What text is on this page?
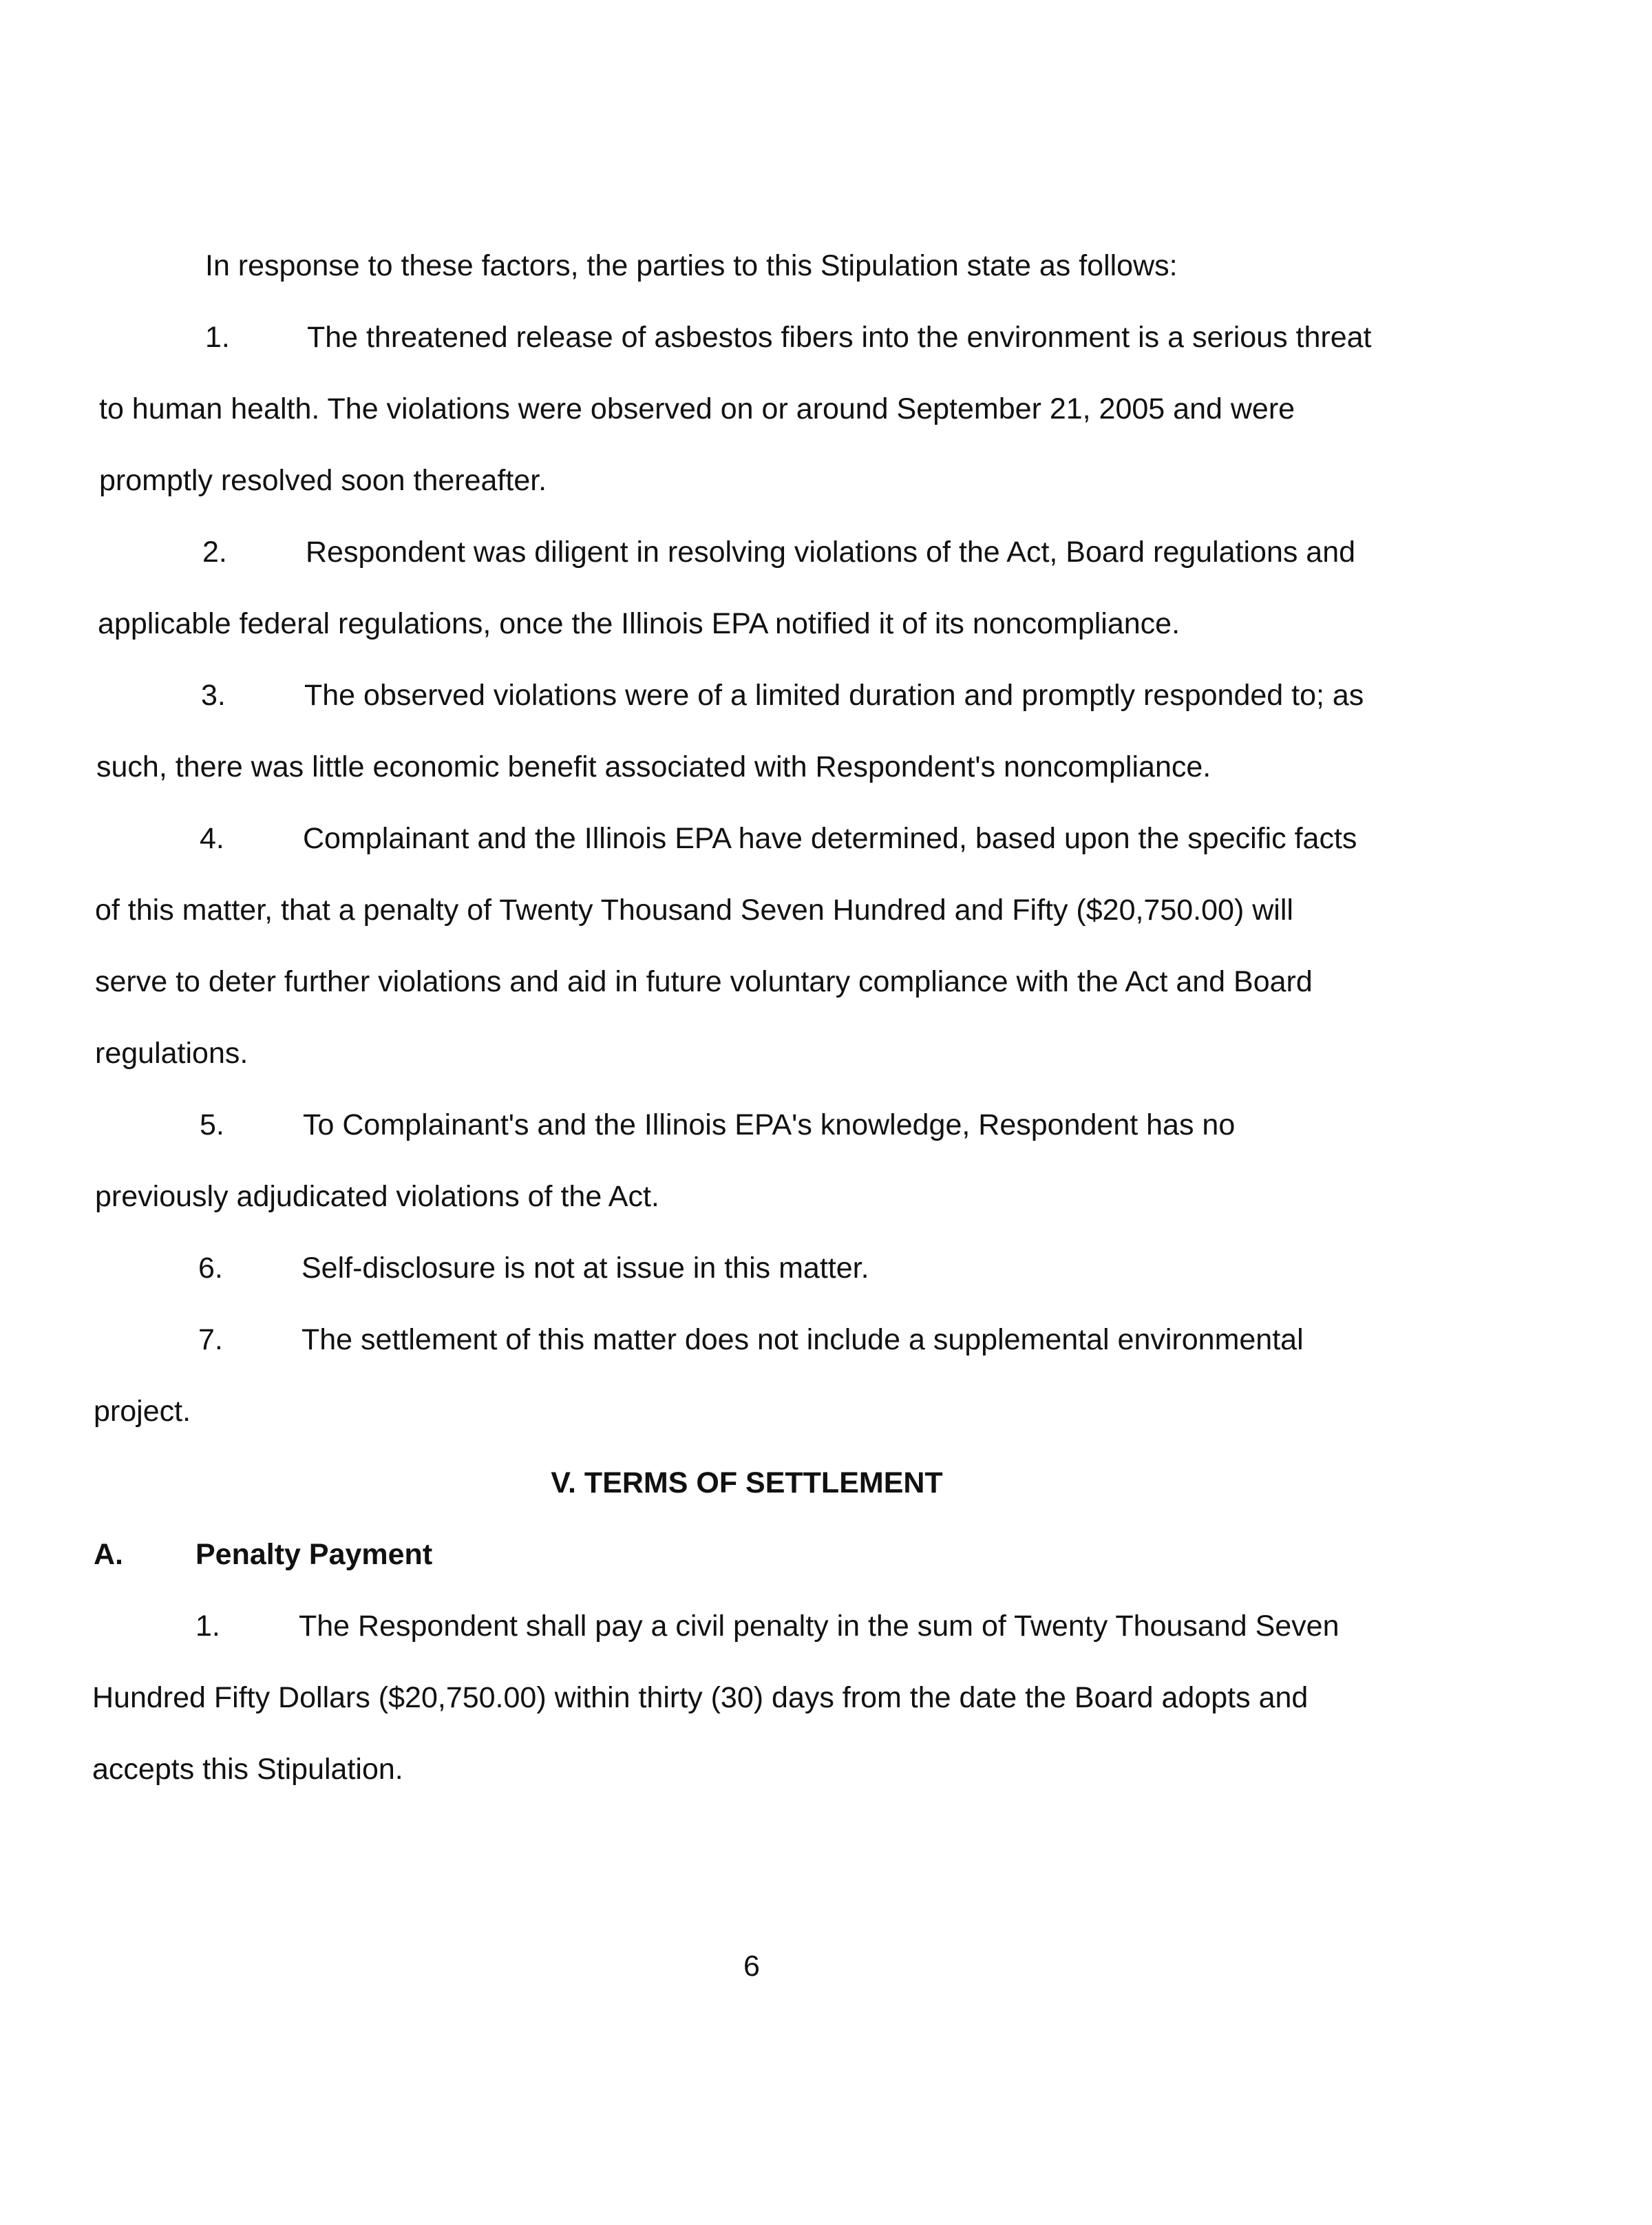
In response to these factors, the parties to this Stipulation state as follows:

1.	The threatened release of asbestos fibers into the environment is a serious threat

to human health. The violations were observed on or around September 21, 2005 and were

promptly resolved soon thereafter.

2.	Respondent was diligent in resolving violations of the Act, Board regulations and

applicable federal regulations, once the Illinois EPA notified it of its noncompliance.

3.	The observed violations were of a limited duration and promptly responded to; as

such, there was little economic benefit associated with Respondent's noncompliance.

4.	Complainant and the Illinois EPA have determined, based upon the specific facts

of this matter, that a penalty of Twenty Thousand Seven Hundred and Fifty ($20,750.00) will

serve to deter further violations and aid in future voluntary compliance with the Act and Board

regulations.

5.	To Complainant's and the Illinois EPA's knowledge, Respondent has no

previously adjudicated violations of the Act.

6.	Self-disclosure is not at issue in this matter.

7.	The settlement of this matter does not include a supplemental environmental

project.

V. TERMS OF SETTLEMENT

A. Penalty Payment

1.	The Respondent shall pay a civil penalty in the sum of Twenty Thousand Seven

Hundred Fifty Dollars ($20,750.00) within thirty (30) days from the date the Board adopts and

accepts this Stipulation.

6
